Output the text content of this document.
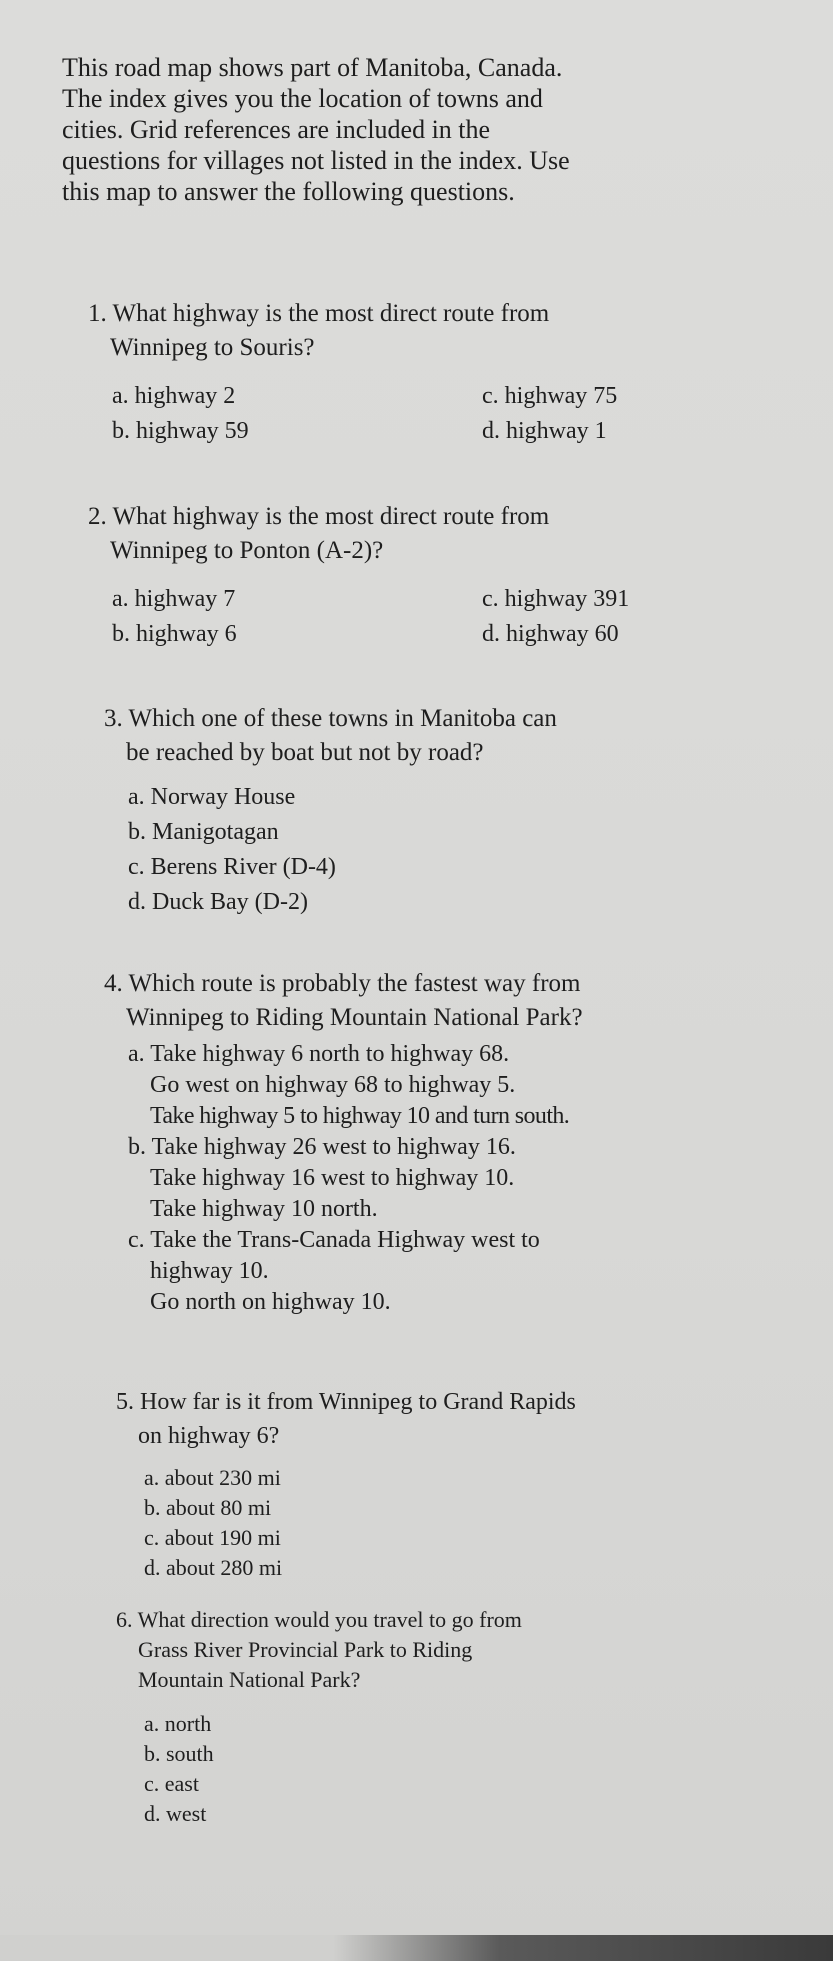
This road map shows part of Manitoba, Canada.
The index gives you the location of towns and
cities. Grid references are included in the
questions for villages not listed in the index. Use
this map to answer the following questions.
1. What highway is the most direct route from
Winnipeg to Souris?
a. highway 2	c. highway 75
b. highway 59	d. highway 1
2. What highway is the most direct route from
Winnipeg to Ponton (A-2)?
a. highway 7	c. highway 391
b. highway 6	d. highway 60
3. Which one of these towns in Manitoba can
be reached by boat but not by road?
a. Norway House
b. Manigotagan
c. Berens River (D-4)
d. Duck Bay (D-2)
4. Which route is probably the fastest way from
Winnipeg to Riding Mountain National Park?
a. Take highway 6 north to highway 68.
Go west on highway 68 to highway 5.
Take highway 5 to highway 10 and turn south.
b. Take highway 26 west to highway 16.
Take highway 16 west to highway 10.
Take highway 10 north.
c. Take the Trans-Canada Highway west to
highway 10.
Go north on highway 10.
5. How far is it from Winnipeg to Grand Rapids
on highway 6?
a. about 230 mi
b. about 80 mi
c. about 190 mi
d. about 280 mi
6. What direction would you travel to go from
Grass River Provincial Park to Riding
Mountain National Park?
a. north
b. south
c. east
d. west
